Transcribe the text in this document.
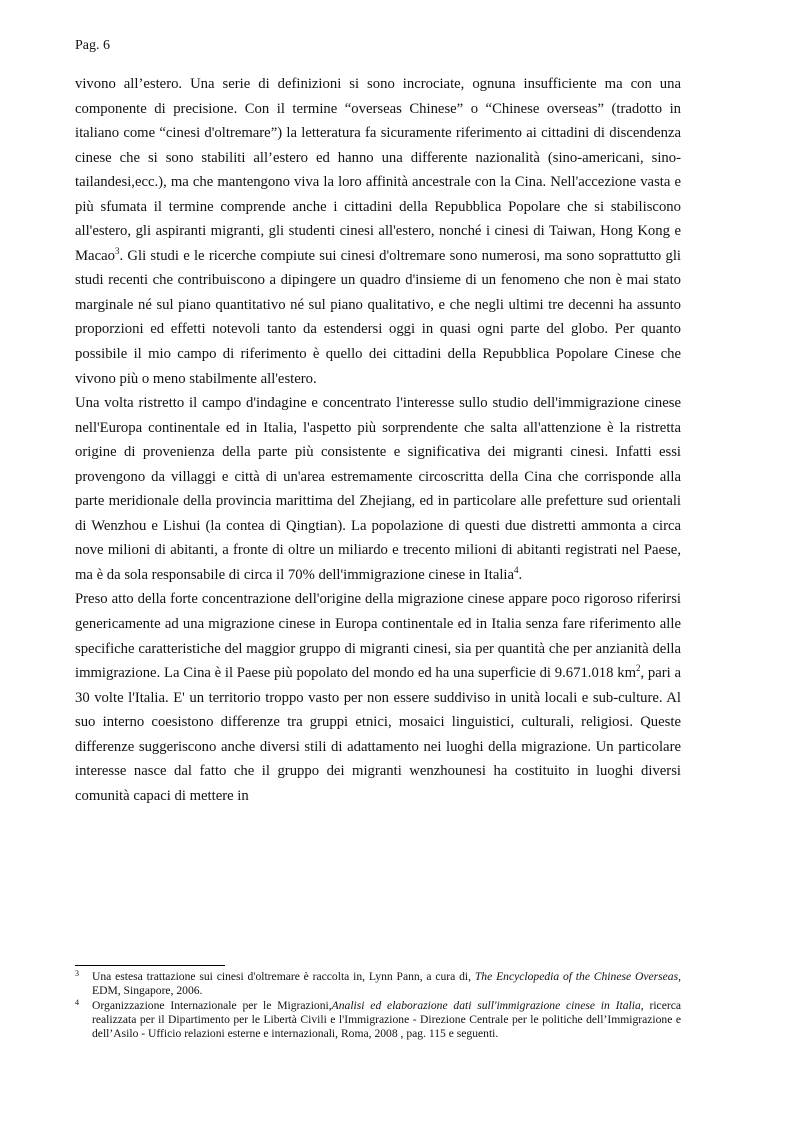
Pag. 6

vivono all’estero. Una serie di definizioni si sono incrociate, ognuna insufficiente ma con una componente di precisione. Con il termine “overseas Chinese” o “Chinese overseas” (tradotto in italiano come “cinesi d'oltremare”) la letteratura fa sicuramente riferimento ai cittadini di discendenza cinese che si sono stabiliti all’estero ed hanno una differente nazionalità (sino-americani, sino-tailandesi,ecc.), ma che mantengono viva la loro affinità ancestrale con la Cina. Nell'accezione vasta e più sfumata il termine comprende anche i cittadini della Repubblica Popolare che si stabiliscono all'estero, gli aspiranti migranti, gli studenti cinesi all'estero, nonché i cinesi di Taiwan, Hong Kong e Macao$^3$. Gli studi e le ricerche compiute sui cinesi d'oltremare sono numerosi, ma sono soprattutto gli studi recenti che contribuiscono a dipingere un quadro d'insieme di un fenomeno che non è mai stato marginale né sul piano quantitativo né sul piano qualitativo, e che negli ultimi tre decenni ha assunto proporzioni ed effetti notevoli tanto da estendersi oggi in quasi ogni parte del globo. Per quanto possibile il mio campo di riferimento è quello dei cittadini della Repubblica Popolare Cinese che vivono più o meno stabilmente all'estero.

Una volta ristretto il campo d'indagine e concentrato l'interesse sullo studio dell'immigrazione cinese nell'Europa continentale ed in Italia, l'aspetto più sorprendente che salta all'attenzione è la ristretta origine di provenienza della parte più consistente e significativa dei migranti cinesi. Infatti essi provengono da villaggi e città di un'area estremamente circoscritta della Cina che corrisponde alla parte meridionale della provincia marittima del Zhejiang, ed in particolare alle prefetture sud orientali di Wenzhou e Lishui (la contea di Qingtian). La popolazione di questi due distretti ammonta a circa nove milioni di abitanti, a fronte di oltre un miliardo e trecento milioni di abitanti registrati nel Paese, ma è da sola responsabile di circa il 70% dell'immigrazione cinese in Italia$^4$.

Preso atto della forte concentrazione dell'origine della migrazione cinese appare poco rigoroso riferirsi genericamente ad una migrazione cinese in Europa continentale ed in Italia senza fare riferimento alle specifiche caratteristiche del maggior gruppo di migranti cinesi, sia per quantità che per anzianità della immigrazione. La Cina è il Paese più popolato del mondo ed ha una superficie di 9.671.018 $km^2$, pari a 30 volte l'Italia. E' un territorio troppo vasto per non essere suddiviso in unità locali e sub-culture. Al suo interno coesistono differenze tra gruppi etnici, mosaici linguistici, culturali, religiosi. Queste differenze suggeriscono anche diversi stili di adattamento nei luoghi della migrazione. Un particolare interesse nasce dal fatto che il gruppo dei migranti wenzhounesi ha costituito in luoghi diversi comunità capaci di mettere in

3 Una estesa trattazione sui cinesi d'oltremare è raccolta in, Lynn Pann, a cura di, The Encyclopedia of the Chinese Overseas, EDM, Singapore, 2006.
4 Organizzazione Internazionale per le Migrazioni,Analisi ed elaborazione dati sull'immigrazione cinese in Italia, ricerca realizzata per il Dipartimento per le Libertà Civili e l'Immigrazione - Direzione Centrale per le politiche dell’Immigrazione e dell’Asilo - Ufficio relazioni esterne e internazionali, Roma, 2008 , pag. 115 e seguenti.
